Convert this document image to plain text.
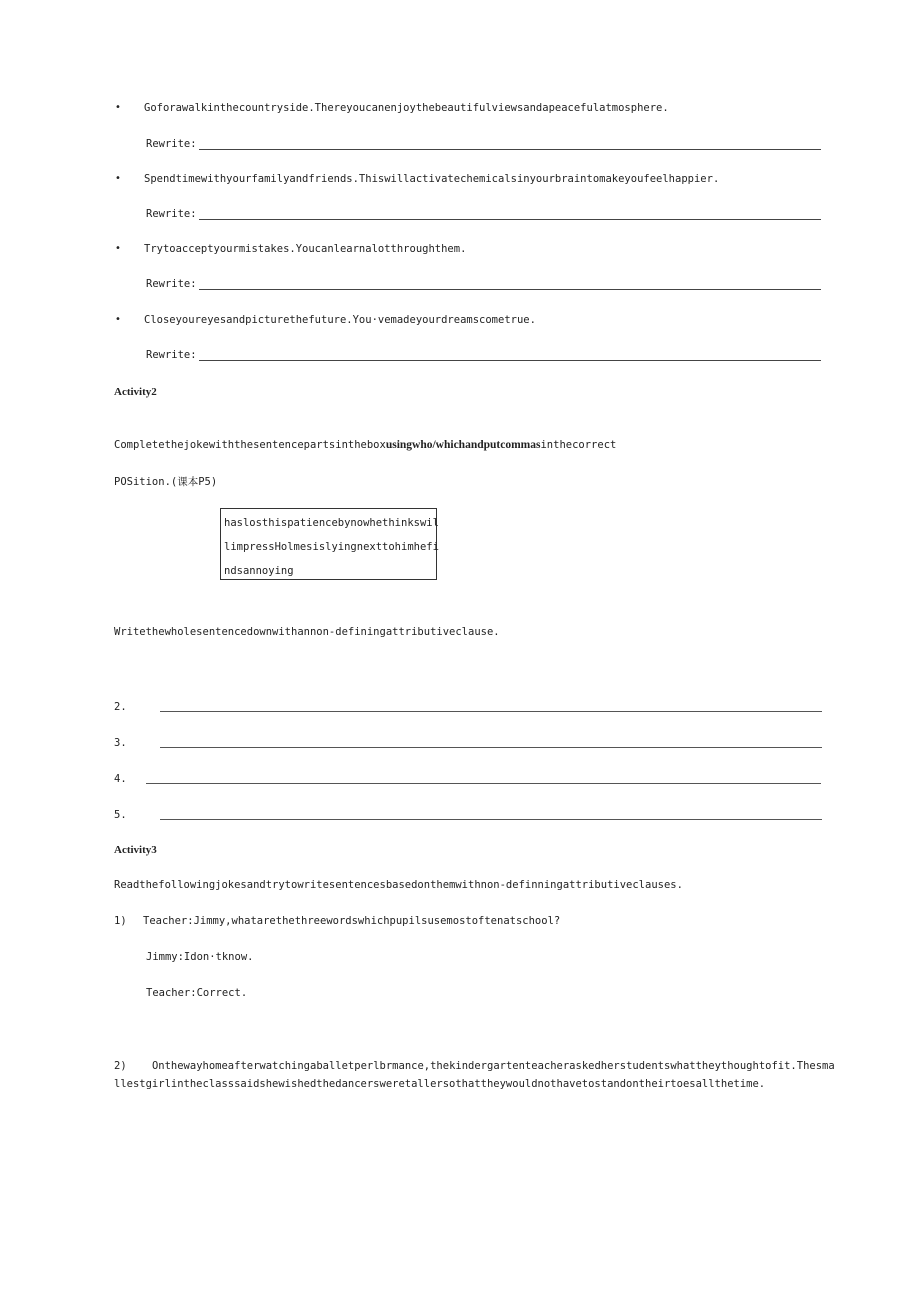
• Goforawalkinthecountryside.Thereyoucanenjoythebeautifulviewsandapeacefulatmosphere.
Rewrite:
• Spendtimewithyourfamilyandfriends.Thiswillactivatechemicalsinyourbraintomakeyoufeelhappier.
Rewrite:
• Trytoacceptyourmistakes.Youcanlearnalotthroughthem.
Rewrite:
• Closeyoureyesandpicturethefuture.You·vemadeyourdreamscometrue.
Rewrite:
Activity2
Completethejokewiththesentencepartsintheboxusingwho/whichandputcommasinthecorrect
POSition.(课本P5)
haslosthispatiencebynowhethinkswil
limpressHolmesislyingnexttohimhefi
ndsannoying
Writethewholesentencedownwithannon-definingattributiveclause.
2.
3.
4.
5.
Activity3
Readthefollowingjokesandtrytowritesentencesbasedonthemwithnon-definningattributiveclauses.
1) Teacher:Jimmy,whatarethethreewordswhichpupilsusemostoftenatschool?
Jimmy:Idon·tknow.
Teacher:Correct.
2) Onthewayhomeafterwatchingaballetperlbrmance,thekindergartenteacheraskedherstudentswhattheythoughtofit.Thesmallestgirlintheclasssaidshewishedthedancersweretallersothattheywouldnothavetostandontheirtoesallthetime.
